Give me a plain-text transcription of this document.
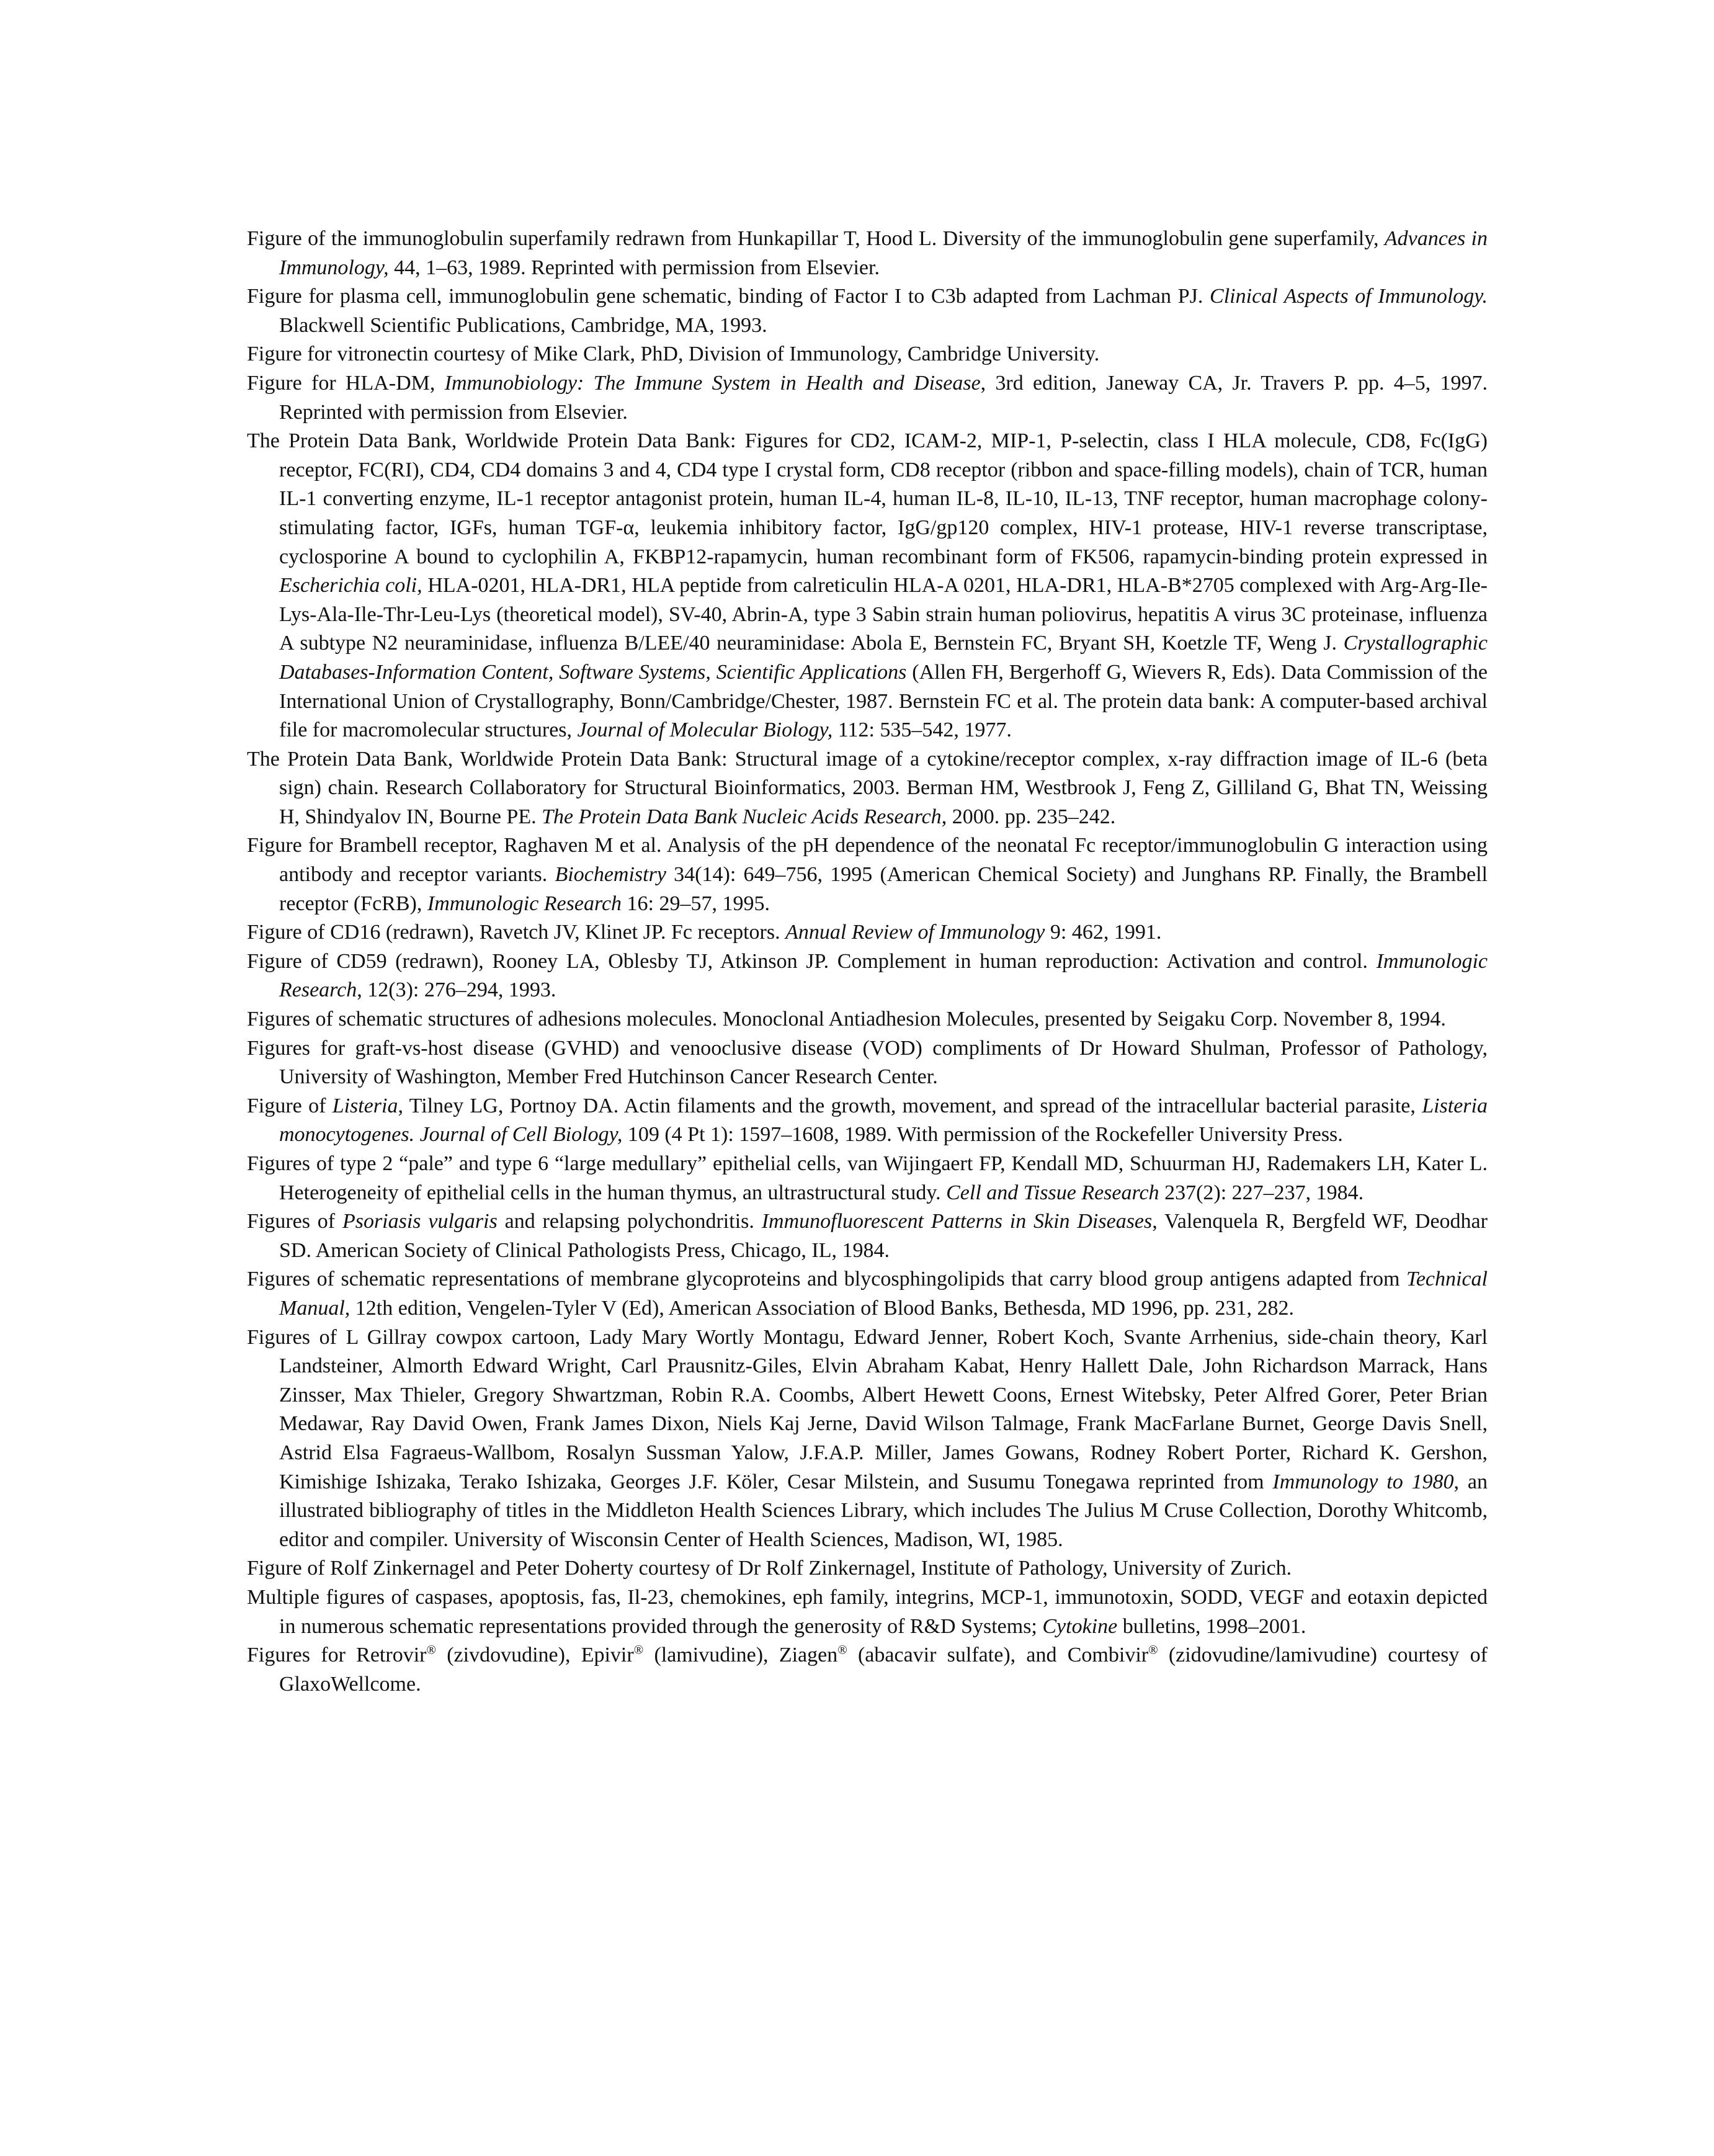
Figure of the immunoglobulin superfamily redrawn from Hunkapillar T, Hood L. Diversity of the immunoglobulin gene superfamily, Advances in Immunology, 44, 1–63, 1989. Reprinted with permission from Elsevier.

Figure for plasma cell, immunoglobulin gene schematic, binding of Factor I to C3b adapted from Lachman PJ. Clinical Aspects of Immunology. Blackwell Scientific Publications, Cambridge, MA, 1993.

Figure for vitronectin courtesy of Mike Clark, PhD, Division of Immunology, Cambridge University.

Figure for HLA-DM, Immunobiology: The Immune System in Health and Disease, 3rd edition, Janeway CA, Jr. Travers P. pp. 4–5, 1997. Reprinted with permission from Elsevier.

The Protein Data Bank, Worldwide Protein Data Bank: Figures for CD2, ICAM-2, MIP-1, P-selectin, class I HLA molecule, CD8, Fc(IgG) receptor, FC(RI), CD4, CD4 domains 3 and 4, CD4 type I crystal form, CD8 receptor (ribbon and space-filling models), chain of TCR, human IL-1 converting enzyme, IL-1 receptor antagonist protein, human IL-4, human IL-8, IL-10, IL-13, TNF receptor, human macrophage colony-stimulating factor, IGFs, human TGF-α, leukemia inhibitory factor, IgG/gp120 complex, HIV-1 protease, HIV-1 reverse transcriptase, cyclosporine A bound to cyclophilin A, FKBP12-rapamycin, human recombinant form of FK506, rapamycin-binding protein expressed in Escherichia coli, HLA-0201, HLA-DR1, HLA peptide from calreticulin HLA-A 0201, HLA-DR1, HLA-B*2705 complexed with Arg-Arg-Ile-Lys-Ala-Ile-Thr-Leu-Lys (theoretical model), SV-40, Abrin-A, type 3 Sabin strain human poliovirus, hepatitis A virus 3C proteinase, influenza A subtype N2 neuraminidase, influenza B/LEE/40 neuraminidase: Abola E, Bernstein FC, Bryant SH, Koetzle TF, Weng J. Crystallographic Databases-Information Content, Software Systems, Scientific Applications (Allen FH, Bergerhoff G, Wievers R, Eds). Data Commission of the International Union of Crystallography, Bonn/Cambridge/Chester, 1987. Bernstein FC et al. The protein data bank: A computer-based archival file for macromolecular structures, Journal of Molecular Biology, 112: 535–542, 1977.

The Protein Data Bank, Worldwide Protein Data Bank: Structural image of a cytokine/receptor complex, x-ray diffraction image of IL-6 (beta sign) chain. Research Collaboratory for Structural Bioinformatics, 2003. Berman HM, Westbrook J, Feng Z, Gilliland G, Bhat TN, Weissing H, Shindyalov IN, Bourne PE. The Protein Data Bank Nucleic Acids Research, 2000. pp. 235–242.

Figure for Brambell receptor, Raghaven M et al. Analysis of the pH dependence of the neonatal Fc receptor/immunoglobulin G interaction using antibody and receptor variants. Biochemistry 34(14): 649–756, 1995 (American Chemical Society) and Junghans RP. Finally, the Brambell receptor (FcRB), Immunologic Research 16: 29–57, 1995.

Figure of CD16 (redrawn), Ravetch JV, Klinet JP. Fc receptors. Annual Review of Immunology 9: 462, 1991.

Figure of CD59 (redrawn), Rooney LA, Oblesby TJ, Atkinson JP. Complement in human reproduction: Activation and control. Immunologic Research, 12(3): 276–294, 1993.

Figures of schematic structures of adhesions molecules. Monoclonal Antiadhesion Molecules, presented by Seigaku Corp. November 8, 1994.

Figures for graft-vs-host disease (GVHD) and venooclusive disease (VOD) compliments of Dr Howard Shulman, Professor of Pathology, University of Washington, Member Fred Hutchinson Cancer Research Center.

Figure of Listeria, Tilney LG, Portnoy DA. Actin filaments and the growth, movement, and spread of the intracellular bacterial parasite, Listeria monocytogenes. Journal of Cell Biology, 109 (4 Pt 1): 1597–1608, 1989. With permission of the Rockefeller University Press.

Figures of type 2 “pale” and type 6 “large medullary” epithelial cells, van Wijingaert FP, Kendall MD, Schuurman HJ, Rademakers LH, Kater L. Heterogeneity of epithelial cells in the human thymus, an ultrastructural study. Cell and Tissue Research 237(2): 227–237, 1984.

Figures of Psoriasis vulgaris and relapsing polychondritis. Immunofluorescent Patterns in Skin Diseases, Valenquela R, Bergfeld WF, Deodhar SD. American Society of Clinical Pathologists Press, Chicago, IL, 1984.

Figures of schematic representations of membrane glycoproteins and blycosphingolipids that carry blood group antigens adapted from Technical Manual, 12th edition, Vengelen-Tyler V (Ed), American Association of Blood Banks, Bethesda, MD 1996, pp. 231, 282.

Figures of L Gillray cowpox cartoon, Lady Mary Wortly Montagu, Edward Jenner, Robert Koch, Svante Arrhenius, side-chain theory, Karl Landsteiner, Almorth Edward Wright, Carl Prausnitz-Giles, Elvin Abraham Kabat, Henry Hallett Dale, John Richardson Marrack, Hans Zinsser, Max Thieler, Gregory Shwartzman, Robin R.A. Coombs, Albert Hewett Coons, Ernest Witebsky, Peter Alfred Gorer, Peter Brian Medawar, Ray David Owen, Frank James Dixon, Niels Kaj Jerne, David Wilson Talmage, Frank MacFarlane Burnet, George Davis Snell, Astrid Elsa Fagraeus-Wallbom, Rosalyn Sussman Yalow, J.F.A.P. Miller, James Gowans, Rodney Robert Porter, Richard K. Gershon, Kimishige Ishizaka, Terako Ishizaka, Georges J.F. Köler, Cesar Milstein, and Susumu Tonegawa reprinted from Immunology to 1980, an illustrated bibliography of titles in the Middleton Health Sciences Library, which includes The Julius M Cruse Collection, Dorothy Whitcomb, editor and compiler. University of Wisconsin Center of Health Sciences, Madison, WI, 1985.

Figure of Rolf Zinkernagel and Peter Doherty courtesy of Dr Rolf Zinkernagel, Institute of Pathology, University of Zurich.

Multiple figures of caspases, apoptosis, fas, Il-23, chemokines, eph family, integrins, MCP-1, immunotoxin, SODD, VEGF and eotaxin depicted in numerous schematic representations provided through the generosity of R&D Systems; Cytokine bulletins, 1998–2001.

Figures for Retrovir® (zivdovudine), Epivir® (lamivudine), Ziagen® (abacavir sulfate), and Combivir® (zidovudine/lamivudine) courtesy of GlaxoWellcome.
